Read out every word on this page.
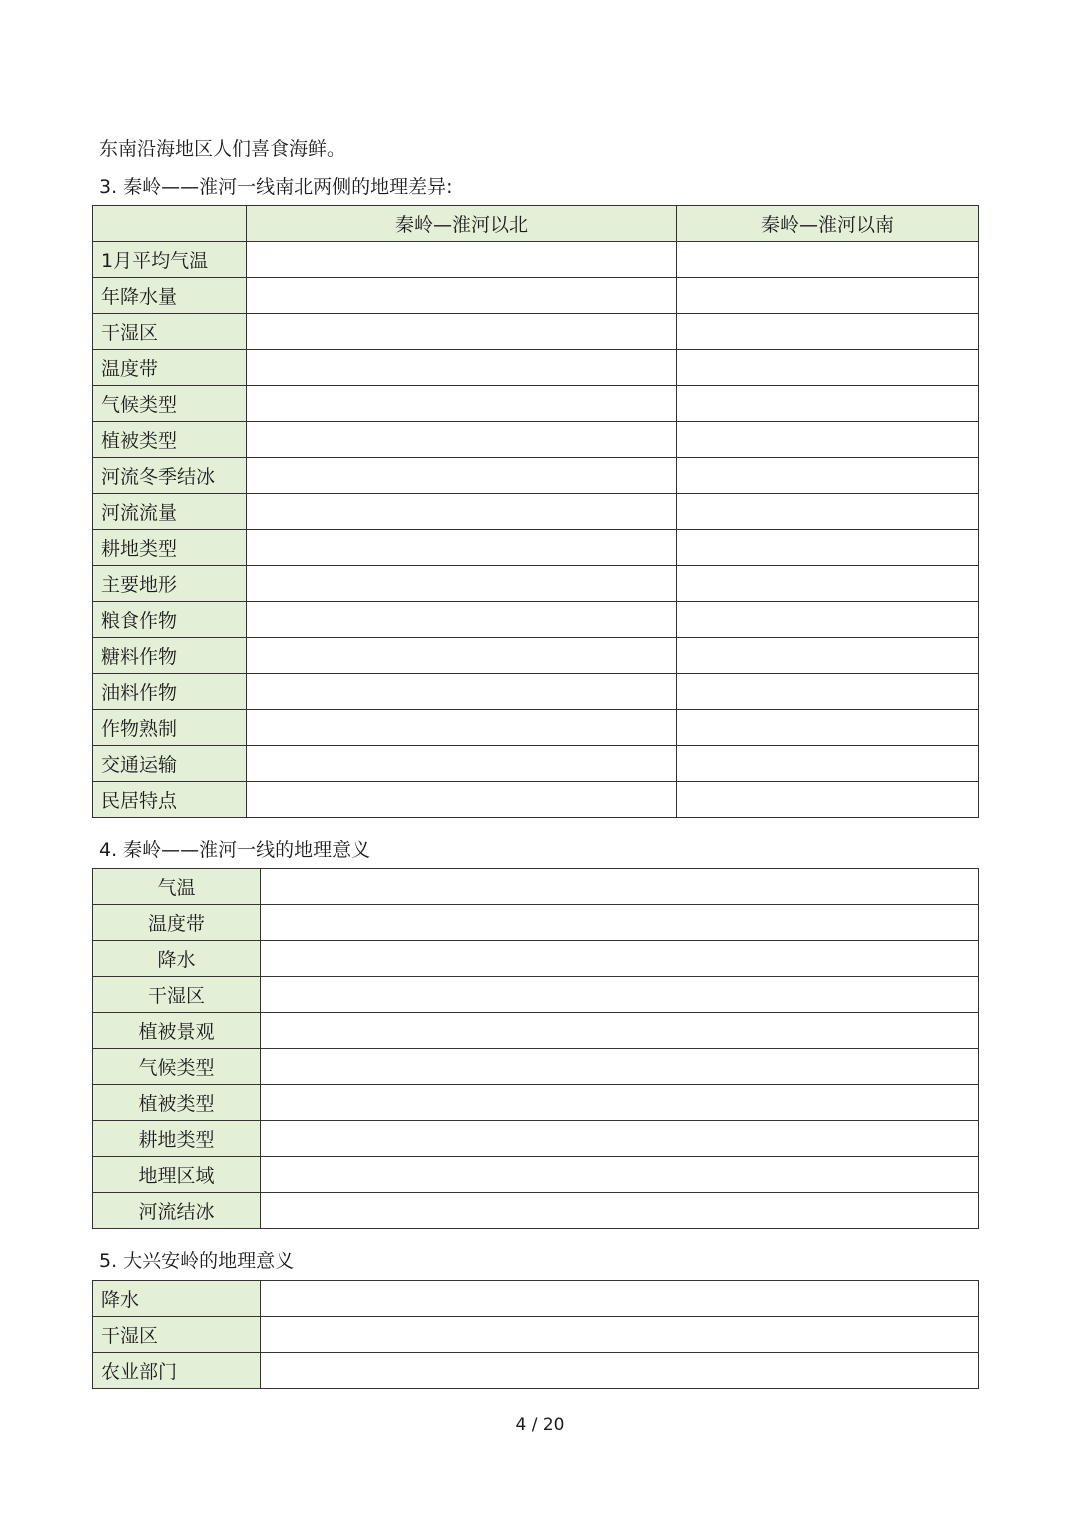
东南沿海地区人们喜食海鲜。
3. 秦岭——淮河一线南北两侧的地理差异:
	秦岭—淮河以北	秦岭—淮河以南
1月平均气温		
年降水量		
干湿区		
温度带		
气候类型		
植被类型		
河流冬季结冰		
河流流量		
耕地类型		
主要地形		
粮食作物		
糖料作物		
油料作物		
作物熟制		
交通运输		
民居特点		
4. 秦岭——淮河一线的地理意义
气温	
温度带	
降水	
干湿区	
植被景观	
气候类型	
植被类型	
耕地类型	
地理区域	
河流结冰	
5. 大兴安岭的地理意义
降水	
干湿区	
农业部门	
4 / 20
